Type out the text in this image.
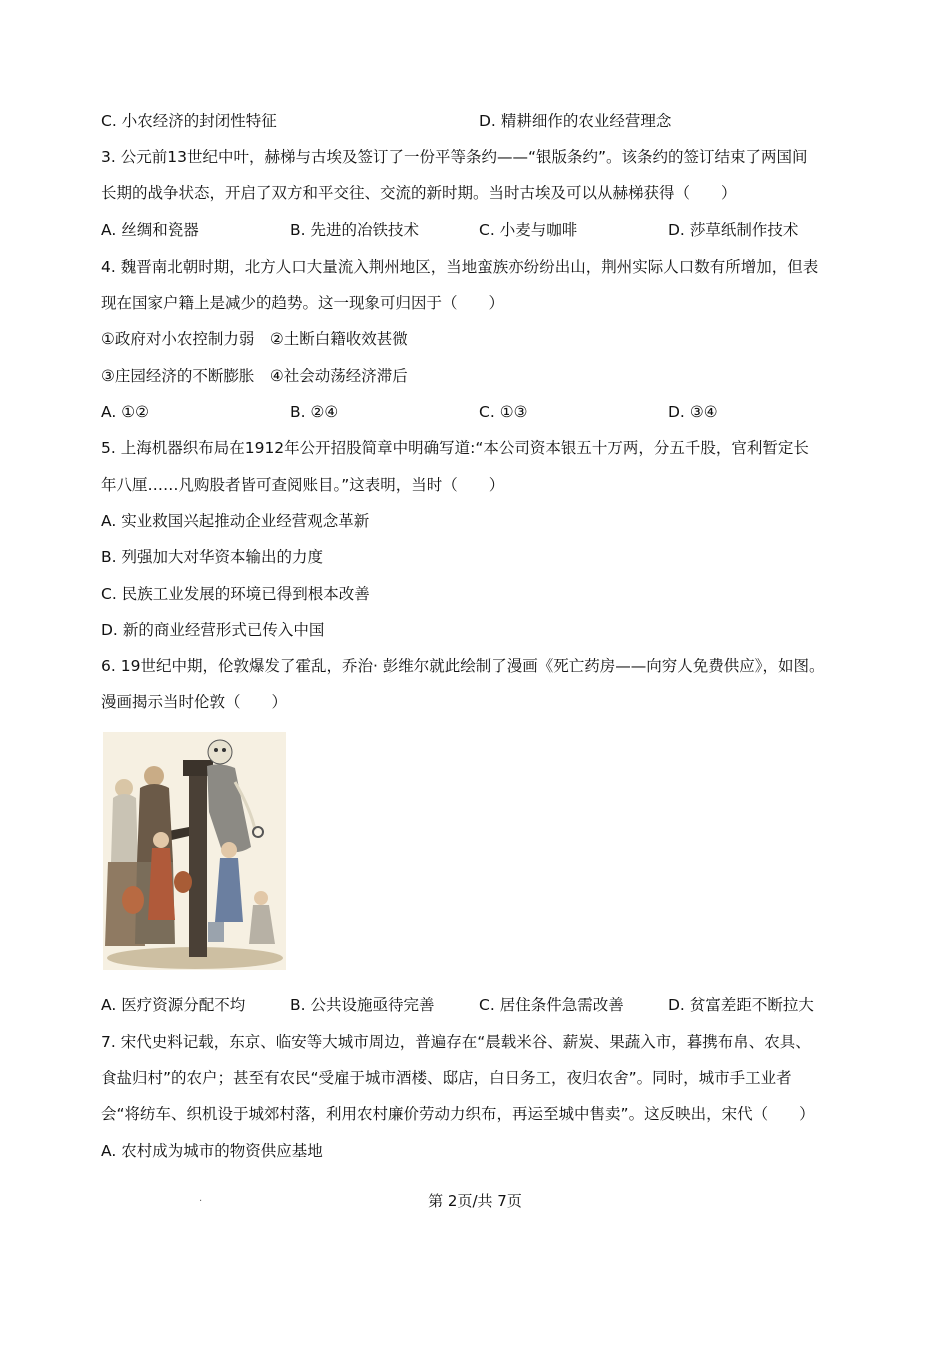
C. 小农经济的封闭性特征	D. 精耕细作的农业经营理念
3. 公元前13世纪中叶，赫梯与古埃及签订了一份平等条约——“银版条约”。该条约的签订结束了两国间
长期的战争状态，开启了双方和平交往、交流的新时期。当时古埃及可以从赫梯获得（　　）
A. 丝绸和瓷器	B. 先进的冶铁技术	C. 小麦与咖啡	D. 莎草纸制作技术
4. 魏晋南北朝时期，北方人口大量流入荆州地区，当地蛮族亦纷纷出山，荆州实际人口数有所增加，但表
现在国家户籍上是减少的趋势。这一现象可归因于（　　）
①政府对小农控制力弱　②土断白籍收效甚微
③庄园经济的不断膨胀　④社会动荡经济滞后
A. ①②	B. ②④	C. ①③	D. ③④
5. 上海机器织布局在1912年公开招股简章中明确写道:“本公司资本银五十万两，分五千股，官利暂定长
年八厘……凡购股者皆可查阅账目。”这表明，当时（　　）
A. 实业救国兴起推动企业经营观念革新
B. 列强加大对华资本输出的力度
C. 民族工业发展的环境已得到根本改善
D. 新的商业经营形式已传入中国
6. 19世纪中期，伦敦爆发了霍乱，乔治· 彭维尔就此绘制了漫画《死亡药房——向穷人免费供应》，如图。
漫画揭示当时伦敦（　　）
A. 医疗资源分配不均	B. 公共设施亟待完善	C. 居住条件急需改善	D. 贫富差距不断拉大
7. 宋代史料记载，东京、临安等大城市周边，普遍存在“晨载米谷、薪炭、果蔬入市，暮携布帛、农具、
食盐归村”的农户；甚至有农民“受雇于城市酒楼、邸店，白日务工，夜归农舍”。同时，城市手工业者
会“将纺车、织机设于城郊村落，利用农村廉价劳动力织布，再运至城中售卖”。这反映出，宋代（　　）
A. 农村成为城市的物资供应基地
.	第 2页/共 7页
